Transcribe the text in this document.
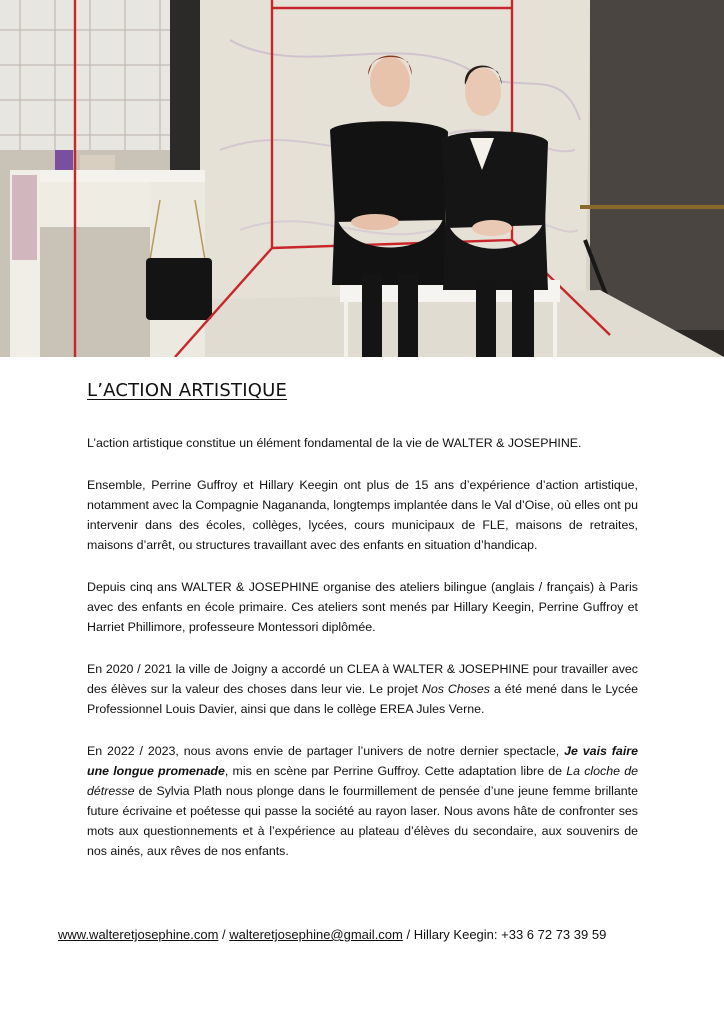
L’ACTION ARTISTIQUE

L’action artistique constitue un élément fondamental de la vie de WALTER & JOSEPHINE.

Ensemble, Perrine Guffroy et Hillary Keegin ont plus de 15 ans d’expérience d’action artistique, notamment avec la Compagnie Nagananda, longtemps implantée dans le Val d’Oise, où elles ont pu intervenir dans des écoles, collèges, lycées, cours municipaux de FLE, maisons de retraites, maisons d’arrêt, ou structures travaillant avec des enfants en situation d’handicap.

Depuis cinq ans WALTER & JOSEPHINE organise des ateliers bilingue (anglais / français) à Paris avec des enfants en école primaire. Ces ateliers sont menés par Hillary Keegin, Perrine Guffroy et Harriet Phillimore, professeure Montessori diplômée.

En 2020 / 2021 la ville de Joigny a accordé un CLEA à WALTER & JOSEPHINE pour travailler avec des élèves sur la valeur des choses dans leur vie. Le projet Nos Choses a été mené dans le Lycée Professionnel Louis Davier, ainsi que dans le collège EREA Jules Verne.

En 2022 / 2023, nous avons envie de partager l’univers de notre dernier spectacle, Je vais faire une longue promenade, mis en scène par Perrine Guffroy. Cette adaptation libre de La cloche de détresse de Sylvia Plath nous plonge dans le fourmillement de pensée d’une jeune femme brillante future écrivaine et poétesse qui passe la société au rayon laser. Nous avons hâte de confronter ses mots aux questionnements et à l’expérience au plateau d’élèves du secondaire, aux souvenirs de nos ainés, aux rêves de nos enfants.

www.walteretjosephine.com / walteretjosephine@gmail.com / Hillary Keegin: +33 6 72 73 39 59
